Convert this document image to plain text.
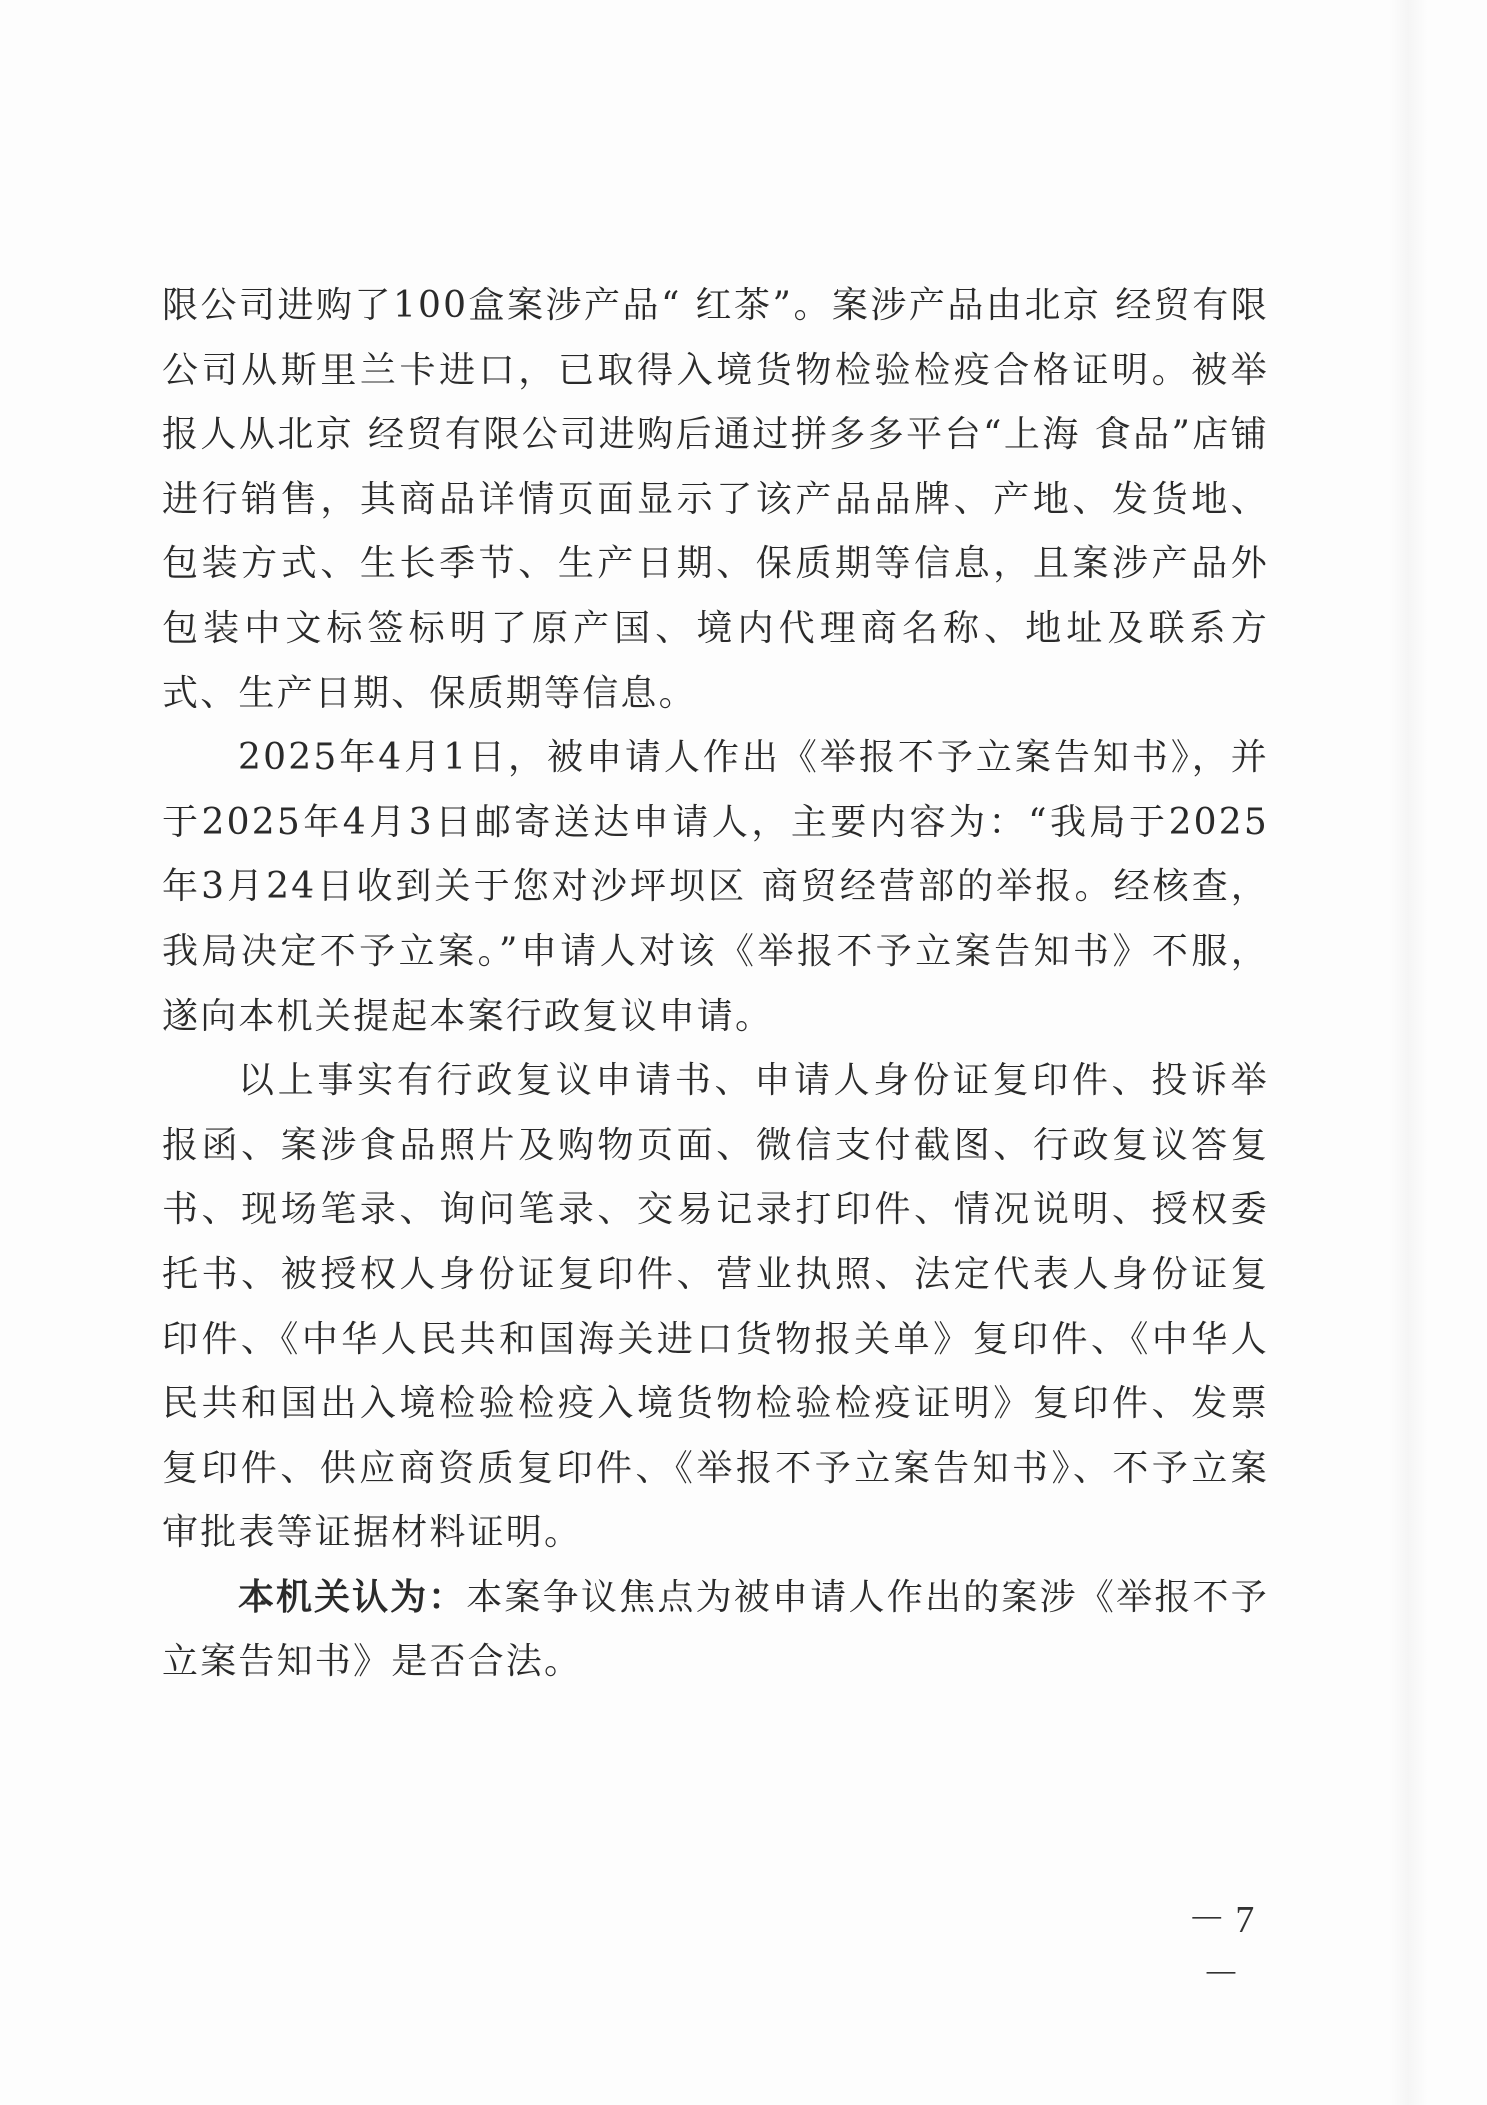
限公司进购了100盒案涉产品“ 红茶”。案涉产品由北京 经贸有限公司从斯里兰卡进口，已取得入境货物检验检疫合格证明。被举报人从北京 经贸有限公司进购后通过拼多多平台“上海 食品”店铺进行销售，其商品详情页面显示了该产品品牌、产地、发货地、包装方式、生长季节、生产日期、保质期等信息，且案涉产品外包装中文标签标明了原产国、境内代理商名称、地址及联系方式、生产日期、保质期等信息。

2025年4月1日，被申请人作出《举报不予立案告知书》，并于2025年4月3日邮寄送达申请人，主要内容为：“我局于2025年3月24日收到关于您对沙坪坝区 商贸经营部的举报。经核查，我局决定不予立案。”申请人对该《举报不予立案告知书》不服，遂向本机关提起本案行政复议申请。

以上事实有行政复议申请书、申请人身份证复印件、投诉举报函、案涉食品照片及购物页面、微信支付截图、行政复议答复书、现场笔录、询问笔录、交易记录打印件、情况说明、授权委托书、被授权人身份证复印件、营业执照、法定代表人身份证复印件、《中华人民共和国海关进口货物报关单》复印件、《中华人民共和国出入境检验检疫入境货物检验检疫证明》复印件、发票复印件、供应商资质复印件、《举报不予立案告知书》、不予立案审批表等证据材料证明。

本机关认为：本案争议焦点为被申请人作出的案涉《举报不予立案告知书》是否合法。

－ 7 －
